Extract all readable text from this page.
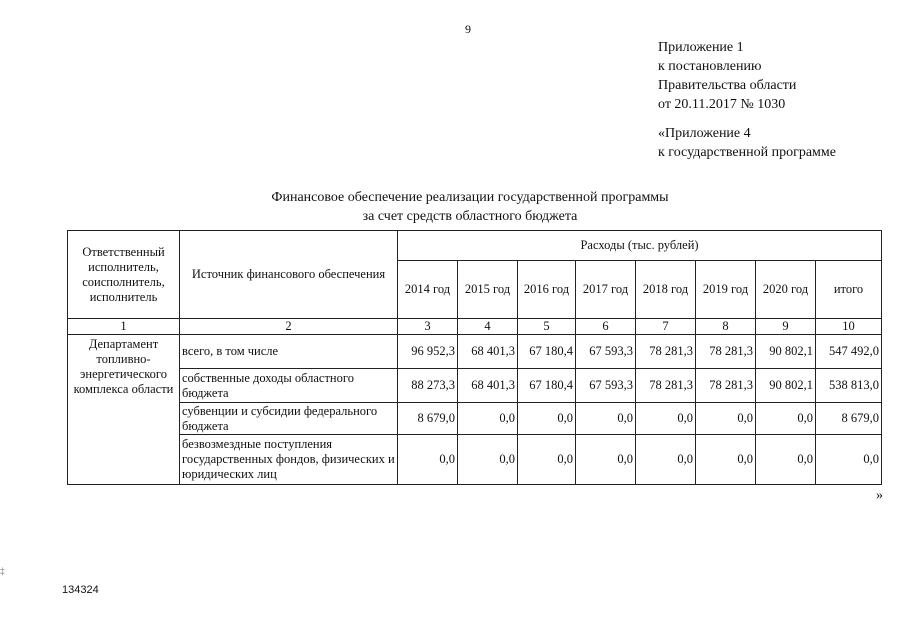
9
Приложение 1
к постановлению
Правительства области
от 20.11.2017 № 1030
«Приложение 4
к государственной программе
Финансовое обеспечение реализации государственной программы
за счет средств областного бюджета
Ответственный исполнитель, соисполнитель, исполнитель	Источник финансового обеспечения	Расходы (тыс. рублей)							
		2014 год	2015 год	2016 год	2017 год	2018 год	2019 год	2020 год	итого
1	2	3	4	5	6	7	8	9	10
Департамент топливно-энергетического комплекса области	всего, в том числе	96 952,3	68 401,3	67 180,4	67 593,3	78 281,3	78 281,3	90 802,1	547 492,0
	собственные доходы областного бюджета	88 273,3	68 401,3	67 180,4	67 593,3	78 281,3	78 281,3	90 802,1	538 813,0
	субвенции и субсидии федерального бюджета	8 679,0	0,0	0,0	0,0	0,0	0,0	0,0	8 679,0
	безвозмездные поступления государственных фондов, физических и юридических лиц	0,0	0,0	0,0	0,0	0,0	0,0	0,0	0,0
»
‡
134324
